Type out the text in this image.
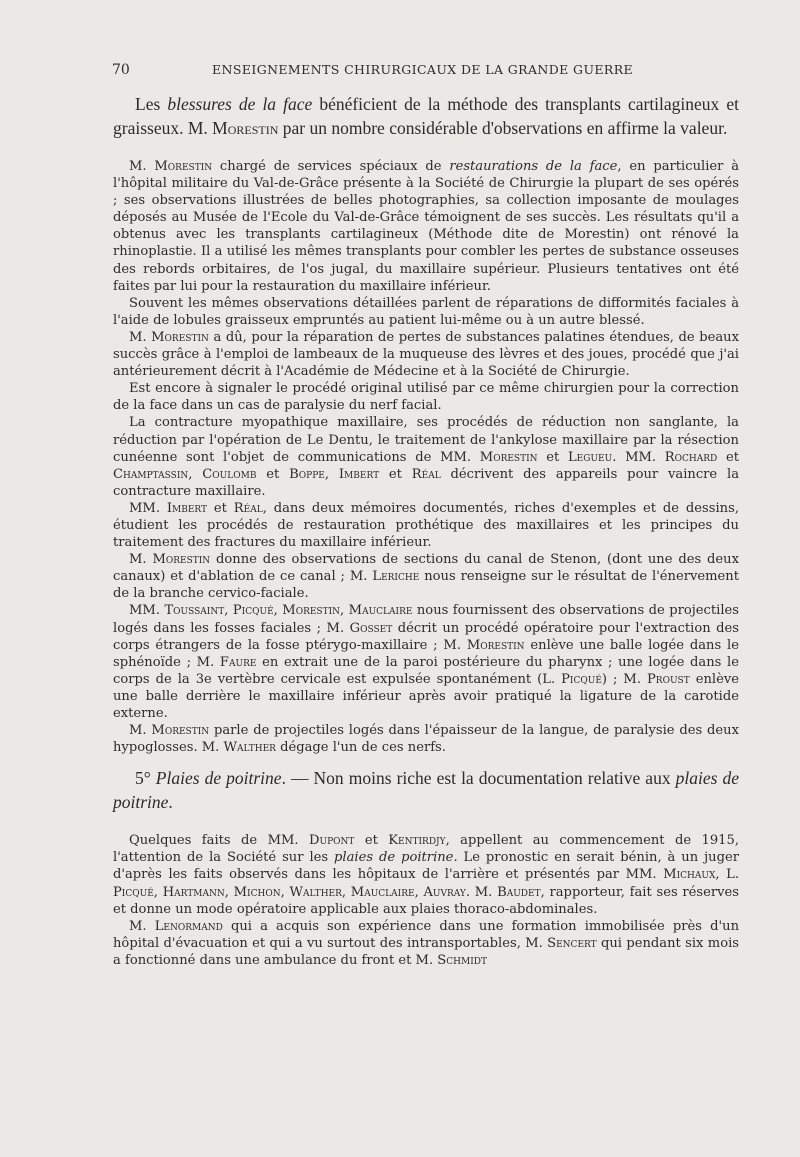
70	ENSEIGNEMENTS CHIRURGICAUX DE LA GRANDE GUERRE

Les blessures de la face bénéficient de la méthode des transplants cartilagineux et graisseux. M. Morestin par un nombre considérable d'observations en affirme la valeur.

M. Morestin chargé de services spéciaux de restaurations de la face, en particulier à l'hôpital militaire du Val-de-Grâce présente à la Société de Chirurgie la plupart de ses opérés ; ses observations illustrées de belles photographies, sa collection imposante de moulages déposés au Musée de l'Ecole du Val-de-Grâce témoignent de ses succès. Les résultats qu'il a obtenus avec les transplants cartilagineux (Méthode dite de Morestin) ont rénové la rhinoplastie. Il a utilisé les mêmes transplants pour combler les pertes de substance osseuses des rebords orbitaires, de l'os jugal, du maxillaire supérieur. Plusieurs tentatives ont été faites par lui pour la restauration du maxillaire inférieur.

Souvent les mêmes observations détaillées parlent de réparations de difformités faciales à l'aide de lobules graisseux empruntés au patient lui-même ou à un autre blessé.

M. Morestin a dû, pour la réparation de pertes de substances palatines étendues, de beaux succès grâce à l'emploi de lambeaux de la muqueuse des lèvres et des joues, procédé que j'ai antérieurement décrit à l'Académie de Médecine et à la Société de Chirurgie.

Est encore à signaler le procédé original utilisé par ce même chirurgien pour la correction de la face dans un cas de paralysie du nerf facial.

La contracture myopathique maxillaire, ses procédés de réduction non sanglante, la réduction par l'opération de Le Dentu, le traitement de l'ankylose maxillaire par la résection cunéenne sont l'objet de communications de MM. Morestin et Legueu. MM. Rochard et Champtassin, Coulomb et Boppe, Imbert et Réal décrivent des appareils pour vaincre la contracture maxillaire.

MM. Imbert et Réal, dans deux mémoires documentés, riches d'exemples et de dessins, étudient les procédés de restauration prothétique des maxillaires et les principes du traitement des fractures du maxillaire inférieur.

M. Morestin donne des observations de sections du canal de Stenon, (dont une des deux canaux) et d'ablation de ce canal ; M. Leriche nous renseigne sur le résultat de l'énervement de la branche cervico-faciale.

MM. Toussaint, Picqué, Morestin, Mauclaire nous fournissent des observations de projectiles logés dans les fosses faciales ; M. Gosset décrit un procédé opératoire pour l'extraction des corps étrangers de la fosse ptérygo-maxillaire ; M. Morestin enlève une balle logée dans le sphénoïde ; M. Faure en extrait une de la paroi postérieure du pharynx ; une logée dans le corps de la 3e vertèbre cervicale est expulsée spontanément (L. Picqué) ; M. Proust enlève une balle derrière le maxillaire inférieur après avoir pratiqué la ligature de la carotide externe.

M. Morestin parle de projectiles logés dans l'épaisseur de la langue, de paralysie des deux hypoglosses. M. Walther dégage l'un de ces nerfs.

5° Plaies de poitrine. — Non moins riche est la documentation relative aux plaies de poitrine.

Quelques faits de MM. Dupont et Kentirdjy, appellent au commencement de 1915, l'attention de la Société sur les plaies de poitrine. Le pronostic en serait bénin, à un juger d'après les faits observés dans les hôpitaux de l'arrière et présentés par MM. Michaux, L. Picqué, Hartmann, Michon, Walther, Mauclaire, Auvray. M. Baudet, rapporteur, fait ses réserves et donne un mode opératoire applicable aux plaies thoraco-abdominales.

M. Lenormand qui a acquis son expérience dans une formation immobilisée près d'un hôpital d'évacuation et qui a vu surtout des intransportables, M. Sencert qui pendant six mois a fonctionné dans une ambulance du front et M. Schmidt
